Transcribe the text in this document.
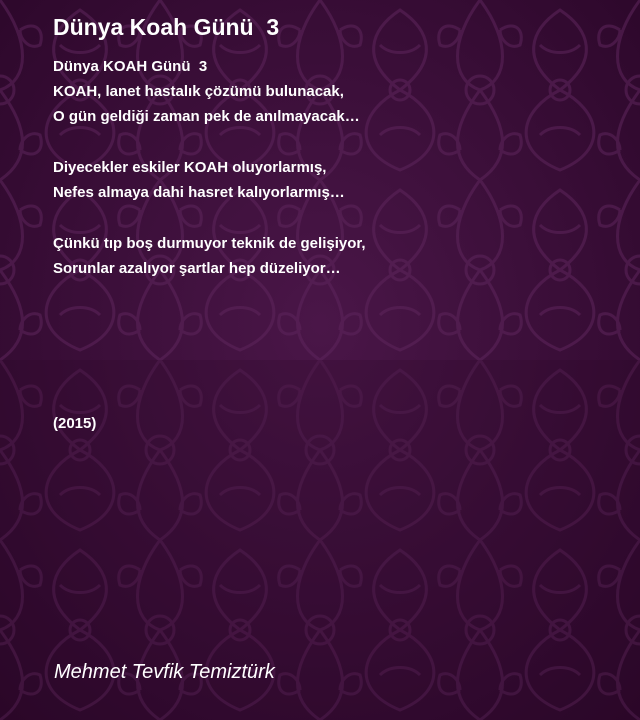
Dünya Koah Günü  3
Dünya KOAH Günü  3
KOAH, lanet hastalık çözümü bulunacak,
O gün geldiği zaman pek de anılmayacak…
Diyecekler eskiler KOAH oluyorlarmış,
Nefes almaya dahi hasret kalıyorlarmış…
Çünkü tıp boş durmuyor teknik de gelişiyor,
Sorunlar azalıyor şartlar hep düzeliyor…
(2015)
Mehmet Tevfik Temiztürk
